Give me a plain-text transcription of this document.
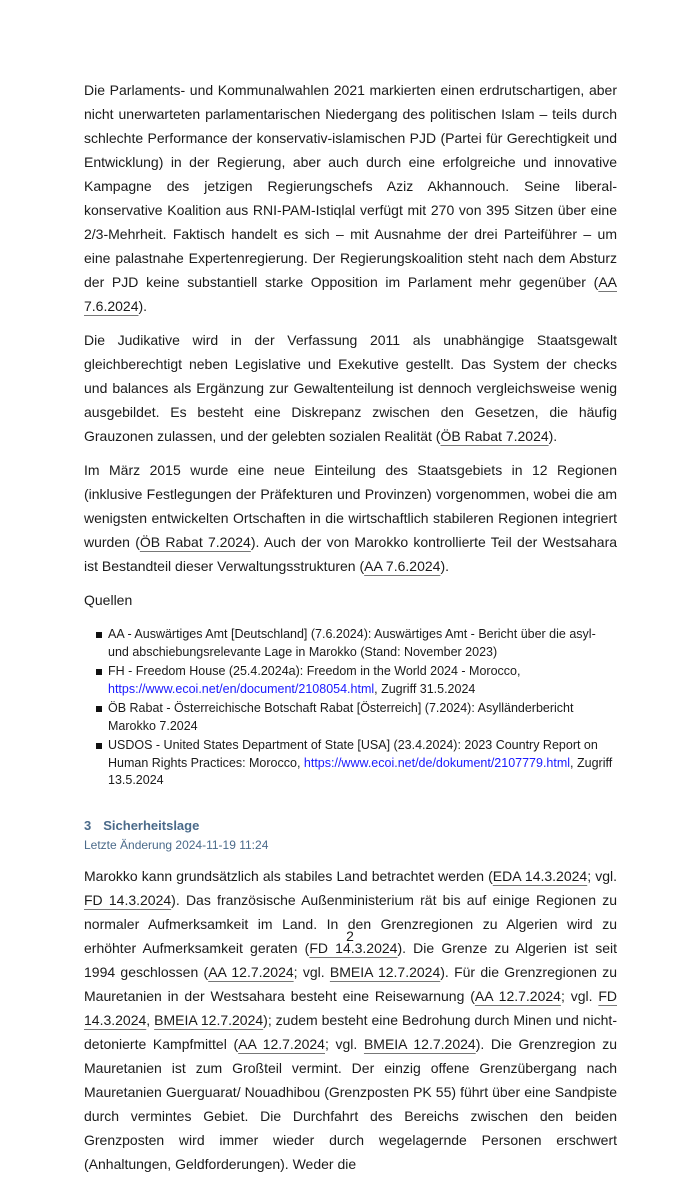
Die Parlaments- und Kommunalwahlen 2021 markierten einen erdrutschartigen, aber nicht unerwarteten parlamentarischen Niedergang des politischen Islam – teils durch schlechte Performance der konservativ-islamischen PJD (Partei für Gerechtigkeit und Entwicklung) in der Regierung, aber auch durch eine erfolgreiche und innovative Kampagne des jetzigen Regierungschefs Aziz Akhannouch. Seine liberal-konservative Koalition aus RNI-PAM-Istiqlal verfügt mit 270 von 395 Sitzen über eine 2/3-Mehrheit. Faktisch handelt es sich – mit Ausnahme der drei Parteiführer – um eine palastnahe Expertenregierung. Der Regierungskoalition steht nach dem Absturz der PJD keine substantiell starke Opposition im Parlament mehr gegenüber (AA 7.6.2024).

Die Judikative wird in der Verfassung 2011 als unabhängige Staatsgewalt gleichberechtigt neben Legislative und Exekutive gestellt. Das System der checks und balances als Ergänzung zur Gewaltenteilung ist dennoch vergleichsweise wenig ausgebildet. Es besteht eine Diskrepanz zwischen den Gesetzen, die häufig Grauzonen zulassen, und der gelebten sozialen Realität (ÖB Rabat 7.2024).

Im März 2015 wurde eine neue Einteilung des Staatsgebiets in 12 Regionen (inklusive Festlegungen der Präfekturen und Provinzen) vorgenommen, wobei die am wenigsten entwickelten Ortschaften in die wirtschaftlich stabileren Regionen integriert wurden (ÖB Rabat 7.2024). Auch der von Marokko kontrollierte Teil der Westsahara ist Bestandteil dieser Verwaltungsstrukturen (AA 7.6.2024).

Quellen
AA - Auswärtiges Amt [Deutschland] (7.6.2024): Auswärtiges Amt - Bericht über die asyl- und abschiebungsrelevante Lage in Marokko (Stand: November 2023)
FH - Freedom House (25.4.2024a): Freedom in the World 2024 - Morocco, https://www.ecoi.net/en/document/2108054.html, Zugriff 31.5.2024
ÖB Rabat - Österreichische Botschaft Rabat [Österreich] (7.2024): Asylländerbericht Marokko 7.2024
USDOS - United States Department of State [USA] (23.4.2024): 2023 Country Report on Human Rights Practices: Morocco, https://www.ecoi.net/de/dokument/2107779.html, Zugriff 13.5.2024
3 Sicherheitslage
Letzte Änderung 2024-11-19 11:24

Marokko kann grundsätzlich als stabiles Land betrachtet werden (EDA 14.3.2024; vgl. FD 14.3.2024). Das französische Außenministerium rät bis auf einige Regionen zu normaler Aufmerksamkeit im Land. In den Grenzregionen zu Algerien wird zu erhöhter Aufmerksamkeit geraten (FD 14.3.2024). Die Grenze zu Algerien ist seit 1994 geschlossen (AA 12.7.2024; vgl. BMEIA 12.7.2024). Für die Grenzregionen zu Mauretanien in der Westsahara besteht eine Reisewarnung (AA 12.7.2024; vgl. FD 14.3.2024, BMEIA 12.7.2024); zudem besteht eine Bedrohung durch Minen und nicht-detonierte Kampfmittel (AA 12.7.2024; vgl. BMEIA 12.7.2024). Die Grenzregion zu Mauretanien ist zum Großteil vermint. Der einzig offene Grenzübergang nach Mauretanien Guerguarat/ Nouadhibou (Grenzposten PK 55) führt über eine Sandpiste durch vermintes Gebiet. Die Durchfahrt des Bereichs zwischen den beiden Grenzposten wird immer wieder durch wegelagernde Personen erschwert (Anhaltungen, Geldforderungen). Weder die

2
